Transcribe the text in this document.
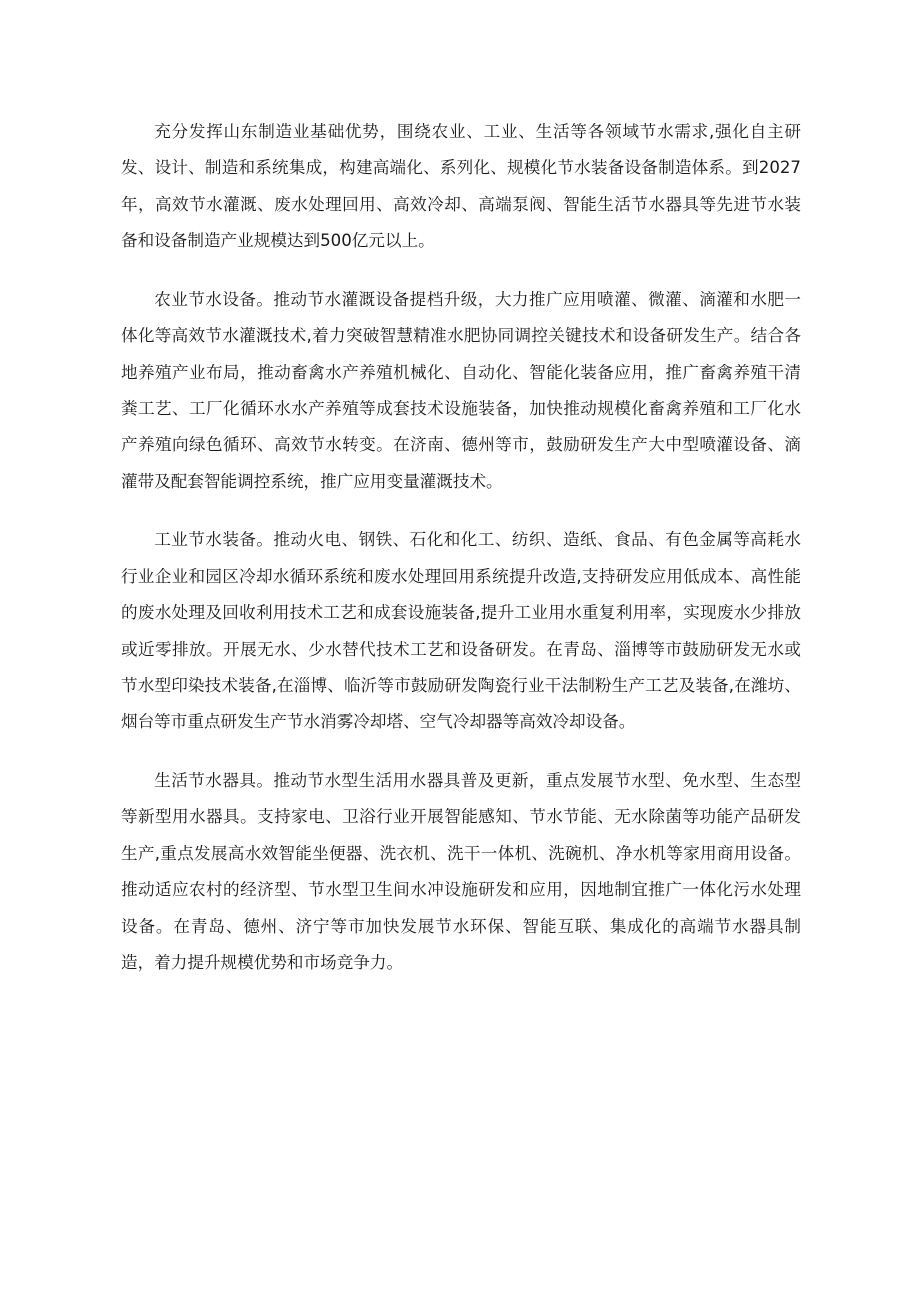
充分发挥山东制造业基础优势，围绕农业、工业、生活等各领域节水需求,强化自主研发、设计、制造和系统集成，构建高端化、系列化、规模化节水装备设备制造体系。到2027年，高效节水灌溉、废水处理回用、高效冷却、高端泵阀、智能生活节水器具等先进节水装备和设备制造产业规模达到500亿元以上。

农业节水设备。推动节水灌溉设备提档升级，大力推广应用喷灌、微灌、滴灌和水肥一体化等高效节水灌溉技术,着力突破智慧精准水肥协同调控关键技术和设备研发生产。结合各地养殖产业布局，推动畜禽水产养殖机械化、自动化、智能化装备应用，推广畜禽养殖干清粪工艺、工厂化循环水水产养殖等成套技术设施装备，加快推动规模化畜禽养殖和工厂化水产养殖向绿色循环、高效节水转变。在济南、德州等市，鼓励研发生产大中型喷灌设备、滴灌带及配套智能调控系统，推广应用变量灌溉技术。

工业节水装备。推动火电、钢铁、石化和化工、纺织、造纸、食品、有色金属等高耗水行业企业和园区冷却水循环系统和废水处理回用系统提升改造,支持研发应用低成本、高性能的废水处理及回收利用技术工艺和成套设施装备,提升工业用水重复利用率，实现废水少排放或近零排放。开展无水、少水替代技术工艺和设备研发。在青岛、淄博等市鼓励研发无水或节水型印染技术装备,在淄博、临沂等市鼓励研发陶瓷行业干法制粉生产工艺及装备,在潍坊、烟台等市重点研发生产节水消雾冷却塔、空气冷却器等高效冷却设备。

生活节水器具。推动节水型生活用水器具普及更新，重点发展节水型、免水型、生态型等新型用水器具。支持家电、卫浴行业开展智能感知、节水节能、无水除菌等功能产品研发生产,重点发展高水效智能坐便器、洗衣机、洗干一体机、洗碗机、净水机等家用商用设备。推动适应农村的经济型、节水型卫生间水冲设施研发和应用，因地制宜推广一体化污水处理设备。在青岛、德州、济宁等市加快发展节水环保、智能互联、集成化的高端节水器具制造，着力提升规模优势和市场竞争力。
